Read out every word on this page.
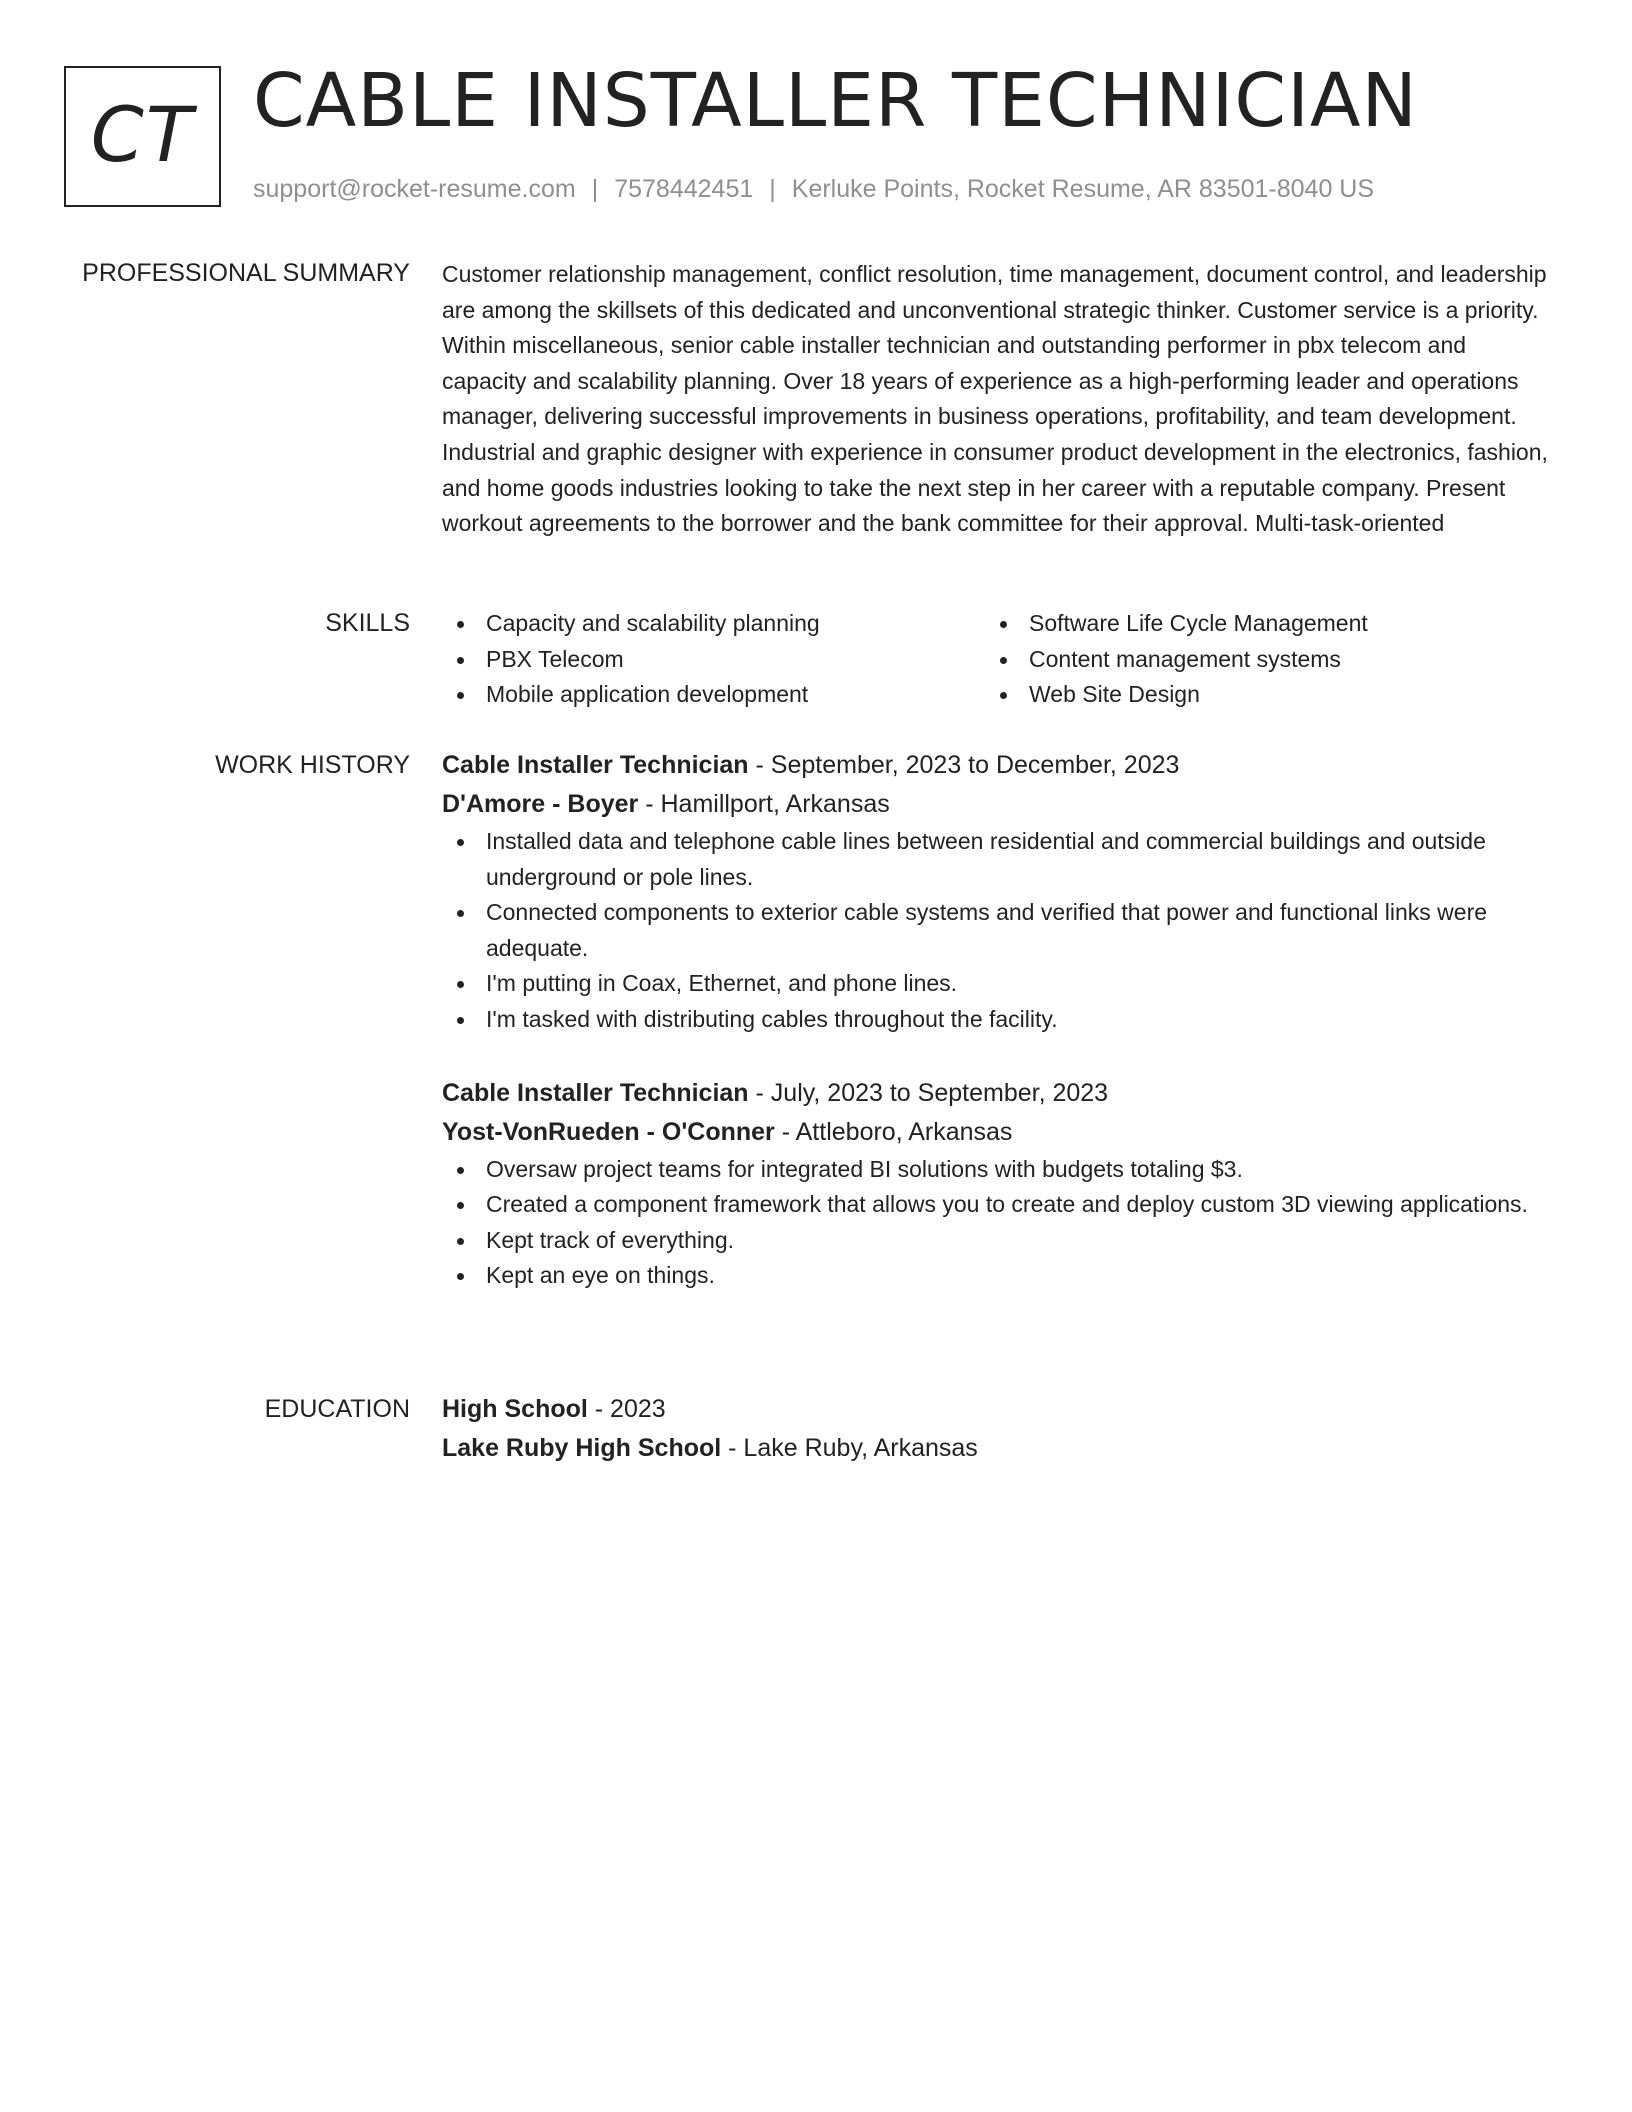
CT CABLE INSTALLER TECHNICIAN
support@rocket-resume.com | 7578442451 | Kerluke Points, Rocket Resume, AR 83501-8040 US
PROFESSIONAL SUMMARY Customer relationship management, conflict resolution, time management, document control, and leadership are among the skillsets of this dedicated and unconventional strategic thinker. Customer service is a priority. Within miscellaneous, senior cable installer technician and outstanding performer in pbx telecom and capacity and scalability planning. Over 18 years of experience as a high-performing leader and operations manager, delivering successful improvements in business operations, profitability, and team development. Industrial and graphic designer with experience in consumer product development in the electronics, fashion, and home goods industries looking to take the next step in her career with a reputable company. Present workout agreements to the borrower and the bank committee for their approval. Multi-task-oriented

SKILLS	Capacity and scalability planning
PBX Telecom
Mobile application development
Software Life Cycle Management
Content management systems
Web Site Design
WORK HISTORY Cable Installer Technician - September, 2023 to December, 2023
D'Amore - Boyer - Hamillport, Arkansas
Installed data and telephone cable lines between residential and commercial buildings and outside underground or pole lines.
Connected components to exterior cable systems and verified that power and functional links were adequate.
I'm putting in Coax, Ethernet, and phone lines.
I'm tasked with distributing cables throughout the facility.
Cable Installer Technician - July, 2023 to September, 2023
Yost-VonRueden - O'Conner - Attleboro, Arkansas
Oversaw project teams for integrated BI solutions with budgets totaling $3.
Created a component framework that allows you to create and deploy custom 3D viewing applications.
Kept track of everything.
Kept an eye on things.
EDUCATION High School - 2023
Lake Ruby High School - Lake Ruby, Arkansas
